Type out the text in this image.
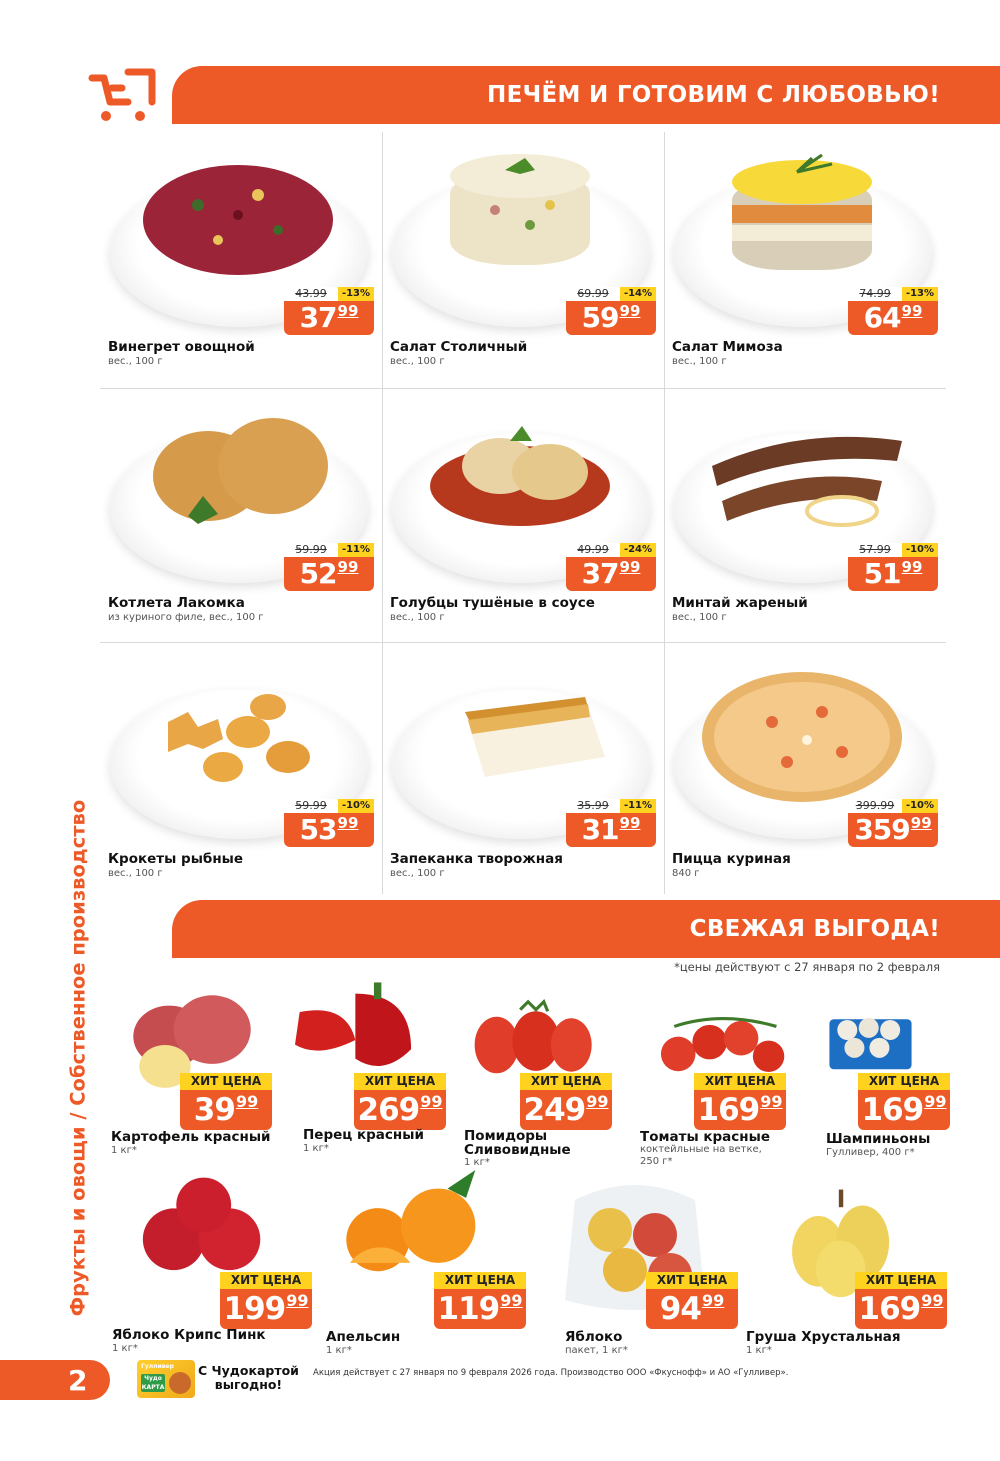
ПЕЧЁМ И ГОТОВИМ С ЛЮБОВЬЮ!
43.99	-13%
37 99
Винегрет овощной
вес., 100 г
69.99	-14%
59 99
Салат Столичный
вес., 100 г
74.99	-13%
64 99
Салат Мимоза
вес., 100 г
59.99	-11%
52 99
Котлета Лакомка
из куриного филе, вес., 100 г
49.99	-24%
37 99
Голубцы тушёные в соусе
вес., 100 г
57.99	-10%
51 99
Минтай жареный
вес., 100 г
59.99	-10%
53 99
Крокеты рыбные
вес., 100 г
35.99	-11%
31 99
Запеканка творожная
вес., 100 г
399.99	-10%
359 99
Пицца куриная
840 г
Фрукты и овощи / Собственное производство	СВЕЖАЯ ВЫГОДА!
*цены действуют с 27 января по 2 февраля
ХИТ ЦЕНА
39 99
Картофель красный
1 кг*
ХИТ ЦЕНА
269 99
Перец красный
1 кг*
ХИТ ЦЕНА
249 99
Помидоры
Сливовидные
1 кг*
ХИТ ЦЕНА
169 99
Томаты красные
коктейльные на ветке,
250 г*
ХИТ ЦЕНА
169 99
Шампиньоны
Гулливер, 400 г*
ХИТ ЦЕНА
199 99
Яблоко Крипс Пинк
1 кг*
ХИТ ЦЕНА
119 99
Апельсин
1 кг*
ХИТ ЦЕНА
94 99
Яблоко
пакет, 1 кг*
ХИТ ЦЕНА
169 99
Груша Хрустальная
1 кг*
2	Гулливер
Чудо КАРТА
С Чудокартой
выгодно!
Акция действует с 27 января по 9 февраля 2026 года. Производство ООО «Фкуснофф» и АО «Гулливер».
